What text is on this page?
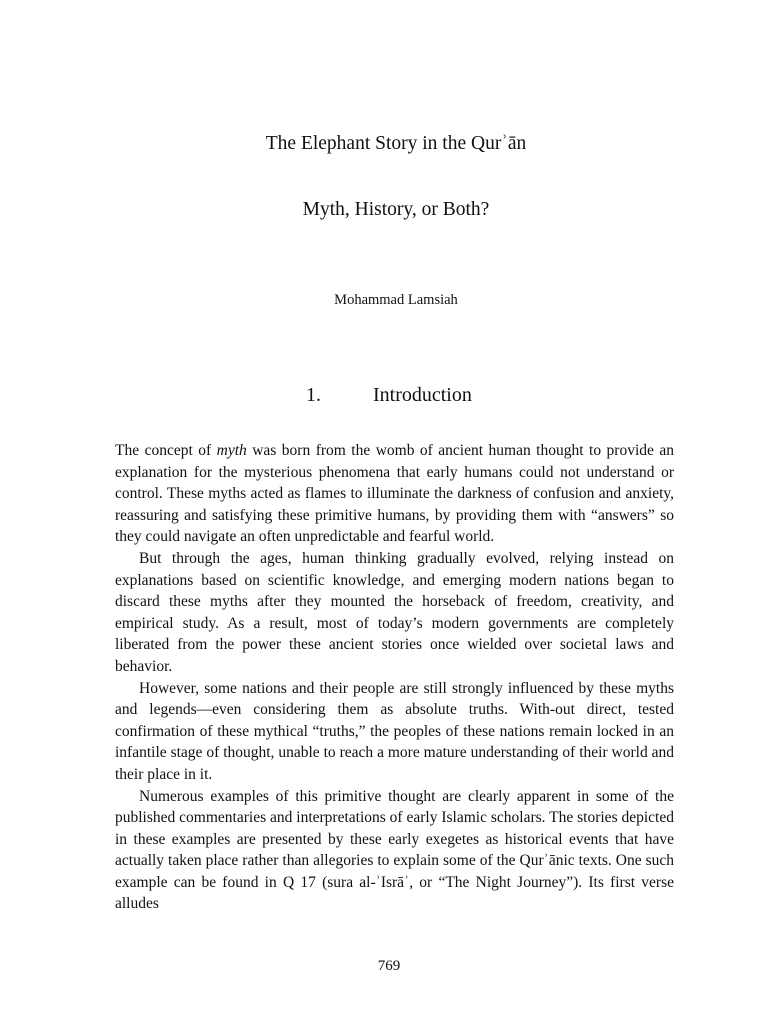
The Elephant Story in the Qurʾān
Myth, History, or Both?
Mohammad Lamsiah
1.	Introduction

The concept of myth was born from the womb of ancient human thought to provide an explanation for the mysterious phenomena that early humans could not understand or control. These myths acted as flames to illuminate the darkness of confusion and anxiety, reassuring and satisfying these primitive humans, by providing them with “answers” so they could navigate an often unpredictable and fearful world.

But through the ages, human thinking gradually evolved, relying instead on explanations based on scientific knowledge, and emerging modern nations began to discard these myths after they mounted the horseback of freedom, creativity, and empirical study. As a result, most of today’s modern governments are completely liberated from the power these ancient stories once wielded over societal laws and behavior.

However, some nations and their people are still strongly influenced by these myths and legends—even considering them as absolute truths. With-out direct, tested confirmation of these mythical “truths,” the peoples of these nations remain locked in an infantile stage of thought, unable to reach a more mature understanding of their world and their place in it.

Numerous examples of this primitive thought are clearly apparent in some of the published commentaries and interpretations of early Islamic scholars. The stories depicted in these examples are presented by these early exegetes as historical events that have actually taken place rather than allegories to explain some of the Qurʾānic texts. One such example can be found in Q 17 (sura al-ʾIsrāʾ, or “The Night Journey”). Its first verse alludes

769
